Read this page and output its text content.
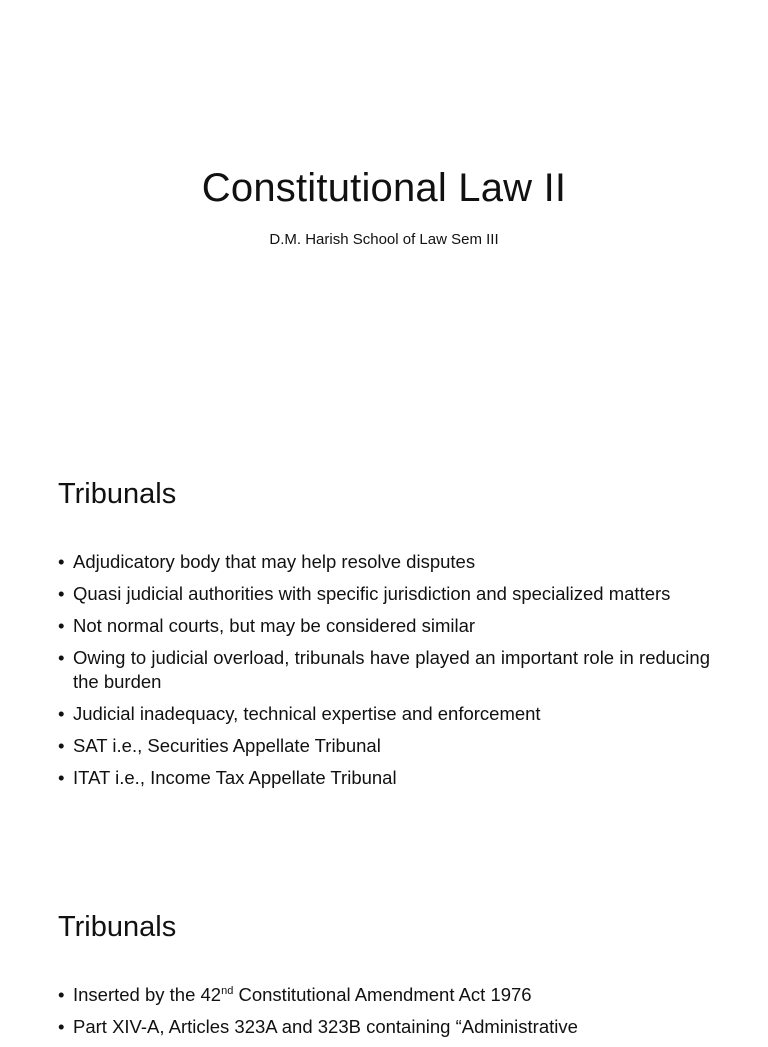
Constitutional Law II
D.M. Harish School of Law Sem III
Tribunals
• Adjudicatory body that may help resolve disputes
• Quasi judicial authorities with specific jurisdiction and specialized matters
• Not normal courts, but may be considered similar
• Owing to judicial overload, tribunals have played an important role in reducing the burden
• Judicial inadequacy, technical expertise and enforcement
• SAT i.e., Securities Appellate Tribunal
• ITAT i.e., Income Tax Appellate Tribunal
Tribunals
• Inserted by the 42nd Constitutional Amendment Act 1976
• Part XIV-A, Articles 323A and 323B containing “Administrative
